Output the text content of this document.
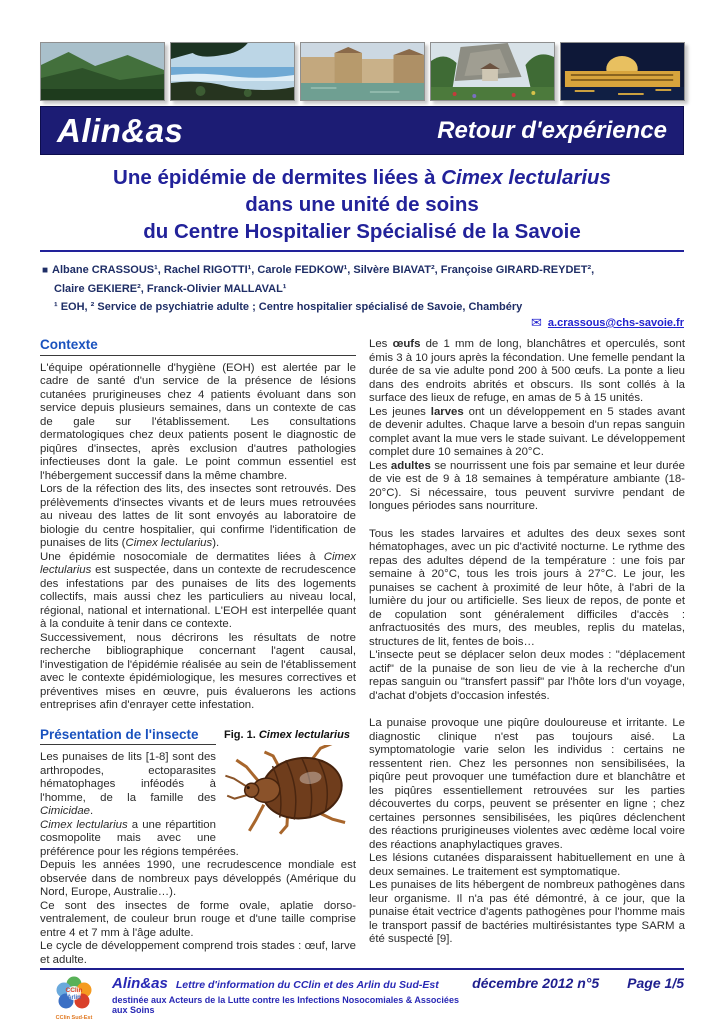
Alin&as	Retour d'expérience
Une épidémie de dermites liées à Cimex lectularius
dans une unité de soins
du Centre Hospitalier Spécialisé de la Savoie
■ Albane CRASSOUS¹, Rachel RIGOTTI¹, Carole FEDKOW¹, Silvère BIAVAT², Françoise GIRARD-REYDET²,
Claire GEKIERE², Franck-Olivier MALLAVAL¹
¹ EOH, ² Service de psychiatrie adulte ; Centre hospitalier spécialisé de Savoie, Chambéry
✉ a.crassous@chs-savoie.fr
Contexte

L'équipe opérationnelle d'hygiène (EOH) est alertée par le cadre de santé d'un service de la présence de lésions cutanées prurigineuses chez 4 patients évoluant dans son service depuis plusieurs semaines, dans un contexte de cas de gale sur l'établissement. Les consultations dermatologiques chez deux patients posent le diagnostic de piqûres d'insectes, après exclusion d'autres pathologies infectieuses dont la gale. Le point commun essentiel est l'hébergement successif dans la même chambre.

Lors de la réfection des lits, des insectes sont retrouvés. Des prélèvements d'insectes vivants et de leurs mues retrouvées au niveau des lattes de lit sont envoyés au laboratoire de biologie du centre hospitalier, qui confirme l'identification de punaises de lits (Cimex lectularius).

Une épidémie nosocomiale de dermatites liées à Cimex lectularius est suspectée, dans un contexte de recrudescence des infestations par des punaises de lits des logements collectifs, mais aussi chez les particuliers au niveau local, régional, national et international. L'EOH est interpellée quant à la conduite à tenir dans ce contexte.

Successivement, nous décrirons les résultats de notre recherche bibliographique concernant l'agent causal, l'investigation de l'épidémie réalisée au sein de l'établissement avec le contexte épidémiologique, les mesures correctives et préventives mises en œuvre, puis évaluerons les actions entreprises afin d'enrayer cette infestation.

Fig. 1. Cimex lectularius
Présentation de l'insecte

Les punaises de lits [1-8] sont des arthropodes, ectoparasites hématophages inféodés à l'homme, de la famille des Cimicidae.

Cimex lectularius a une répartition cosmopolite mais avec une préférence pour les régions tempérées.

Depuis les années 1990, une recrudescence mondiale est observée dans de nombreux pays développés (Amérique du Nord, Europe, Australie…).

Ce sont des insectes de forme ovale, aplatie dorso-ventralement, de couleur brun rouge et d'une taille comprise entre 4 et 7 mm à l'âge adulte.

Le cycle de développement comprend trois stades : œuf, larve et adulte.

Les œufs de 1 mm de long, blanchâtres et operculés, sont émis 3 à 10 jours après la fécondation. Une femelle pendant la durée de sa vie adulte pond 200 à 500 œufs. La ponte a lieu dans des endroits abrités et obscurs. Ils sont collés à la surface des lieux de refuge, en amas de 5 à 15 unités.

Les jeunes larves ont un développement en 5 stades avant de devenir adultes. Chaque larve a besoin d'un repas sanguin complet avant la mue vers le stade suivant. Le développement complet dure 10 semaines à 20°C.

Les adultes se nourrissent une fois par semaine et leur durée de vie est de 9 à 18 semaines à température ambiante (18-20°C). Si nécessaire, tous peuvent survivre pendant de longues périodes sans nourriture.

Tous les stades larvaires et adultes des deux sexes sont hématophages, avec un pic d'activité nocturne. Le rythme des repas des adultes dépend de la température : une fois par semaine à 20°C, tous les trois jours à 27°C. Le jour, les punaises se cachent à proximité de leur hôte, à l'abri de la lumière du jour ou artificielle. Ses lieux de repos, de ponte et de copulation sont généralement difficiles d'accès : anfractuosités des murs, des meubles, replis du matelas, structures de lit, fentes de bois…

L'insecte peut se déplacer selon deux modes : "déplacement actif" de la punaise de son lieu de vie à la recherche d'un repas sanguin ou "transfert passif" par l'hôte lors d'un voyage, d'achat d'objets d'occasion infestés.

La punaise provoque une piqûre douloureuse et irritante. Le diagnostic clinique n'est pas toujours aisé. La symptomatologie varie selon les individus : certains ne ressentent rien. Chez les personnes non sensibilisées, la piqûre peut provoquer une tuméfaction dure et blanchâtre et les piqûres essentiellement retrouvées sur les parties découvertes du corps, peuvent se présenter en ligne ; chez certaines personnes sensibilisées, les piqûres déclenchent des réactions prurigineuses violentes avec œdème local voire des réactions anaphylactiques graves.

Les lésions cutanées disparaissent habituellement en une à deux semaines. Le traitement est symptomatique.

Les punaises de lits hébergent de nombreux pathogènes dans leur organisme. Il n'a pas été démontré, à ce jour, que la punaise était vectrice d'agents pathogènes pour l'homme mais le transport passif de bactéries multirésistantes type SARM a été suspecté [9].

CClin
Arlin
CClin Sud-Est
Alin&as Lettre d'information du CClin et des Arlin du Sud-Est
destinée aux Acteurs de la Lutte contre les Infections Nosocomiales & Associées aux Soins
décembre 2012 n°5 Page 1/5
